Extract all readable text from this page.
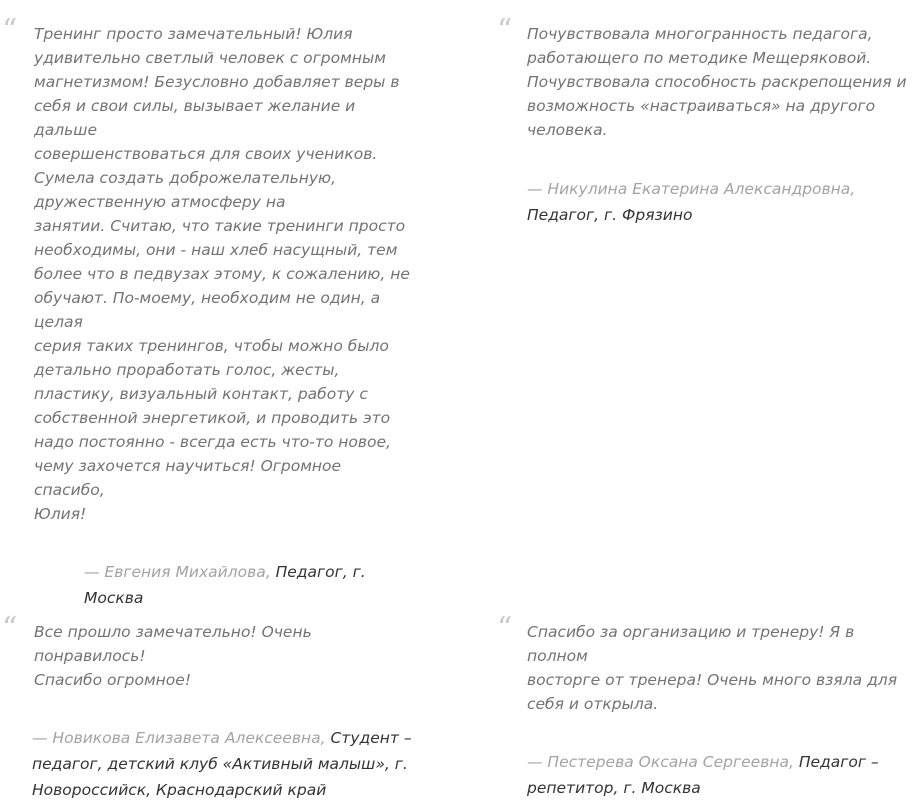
“ Тренинг просто замечательный! Юлия
удивительно светлый человек с огромным
магнетизмом! Безусловно добавляет веры в
себя и свои силы, вызывает желание и дальше
совершенствоваться для своих учеников.
Сумела создать доброжелательную,
дружественную атмосферу на
занятии. Считаю, что такие тренинги просто
необходимы, они - наш хлеб насущный, тем
более что в педвузах этому, к сожалению, не
обучают. По-моему, необходим не один, а целая
серия таких тренингов, чтобы можно было
детально проработать голос, жесты,
пластику, визуальный контакт, работу с
собственной энергетикой, и проводить это
надо постоянно - всегда есть что-то новое,
чему захочется научиться! Огромное спасибо,
Юлия!

— Евгения Михайлова, Педагог, г. Москва
“ Почувствовала многогранность педагога,
работающего по методике Мещеряковой.
Почувствовала способность раскрепощения и
возможность «настраиваться» на другого
человека.

— Никулина Екатерина Александровна, Педагог, г. Фрязино
“ Все прошло замечательно! Очень понравилось!
Спасибо огромное!

— Новикова Елизавета Алексеевна, Студент – педагог, детский клуб «Активный малыш», г. Новороссийск, Краснодарский край
“ Спасибо за организацию и тренеру! Я в полном
восторге от тренера! Очень много взяла для
себя и открыла.

— Пестерева Оксана Сергеевна, Педагог – репетитор, г. Москва
